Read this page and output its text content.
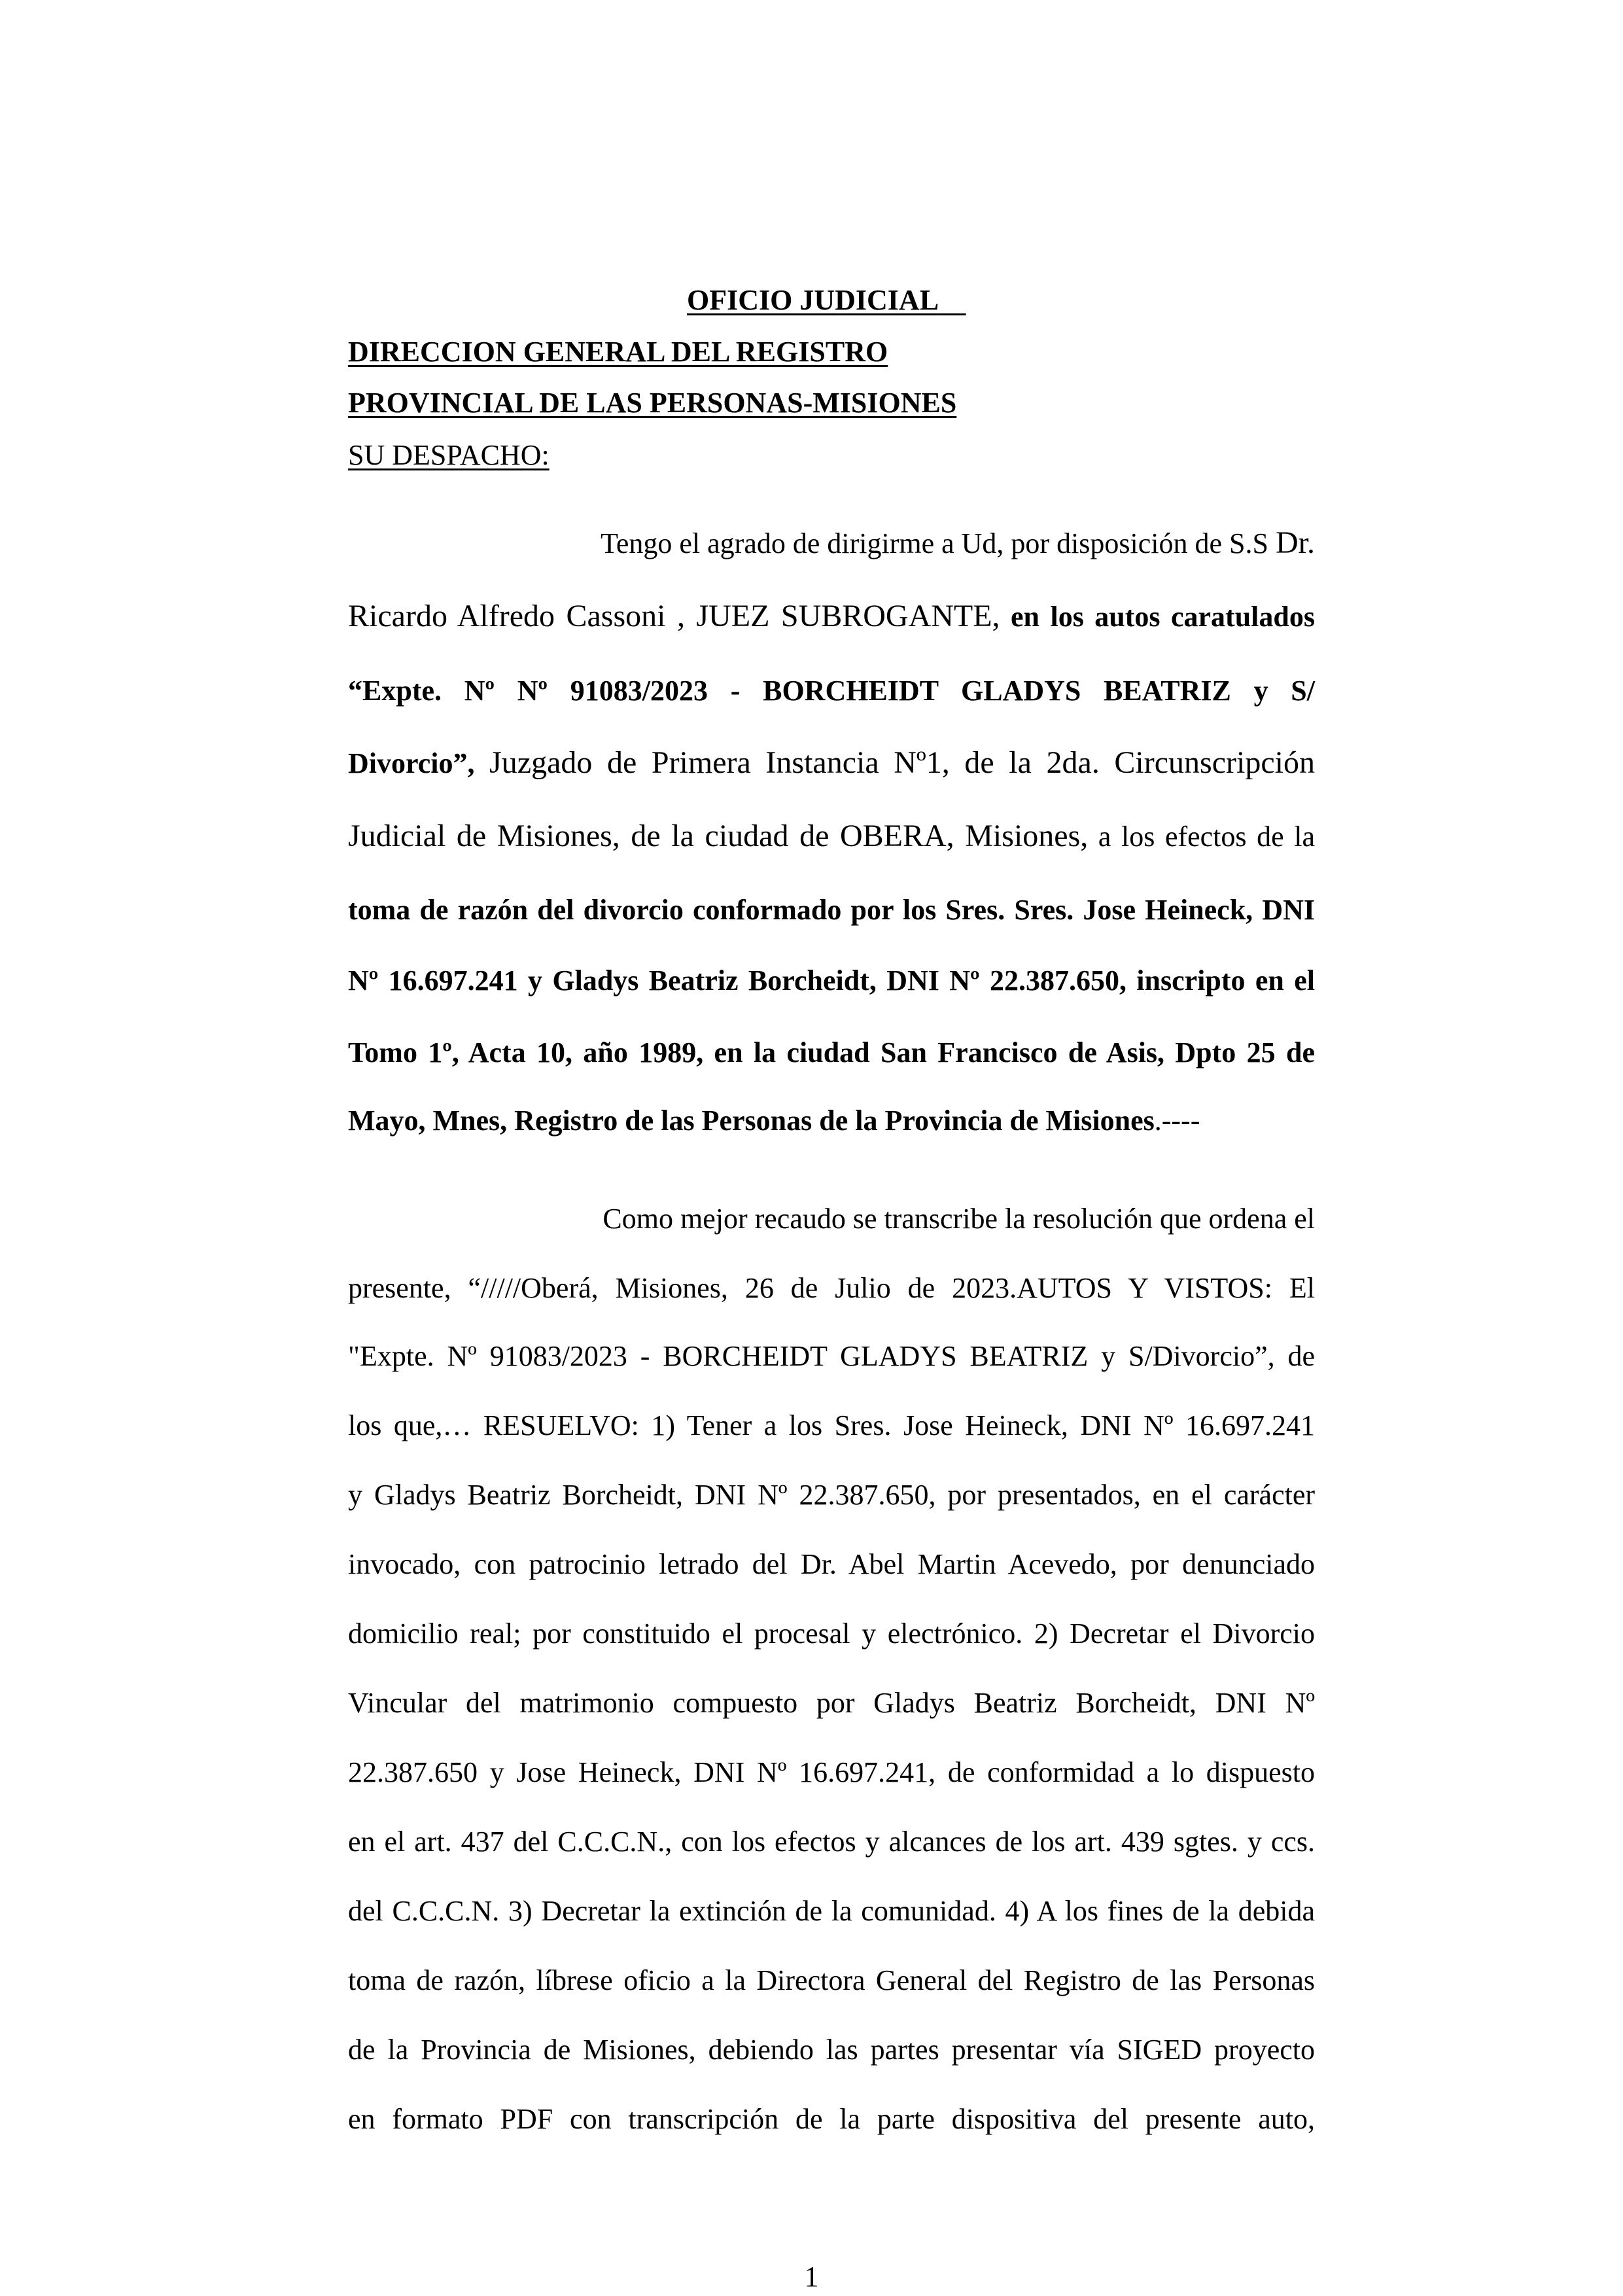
OFICIO JUDICIAL
DIRECCION GENERAL DEL REGISTRO
PROVINCIAL DE LAS PERSONAS-MISIONES
SU DESPACHO:
Tengo el agrado de dirigirme a Ud, por disposición de S.S Dr.
Ricardo Alfredo Cassoni , JUEZ SUBROGANTE, en los autos caratulados
“Expte. Nº Nº 91083/2023 - BORCHEIDT GLADYS BEATRIZ y S/
Divorcio”, Juzgado de Primera Instancia Nº1, de la 2da. Circunscripción
Judicial de Misiones, de la ciudad de OBERA, Misiones, a los efectos de la
toma de razón del divorcio conformado por los Sres. Sres. Jose Heineck, DNI
Nº 16.697.241 y Gladys Beatriz Borcheidt, DNI Nº 22.387.650, inscripto en el
Tomo 1º, Acta 10, año 1989, en la ciudad San Francisco de Asis, Dpto 25 de
Mayo, Mnes, Registro de las Personas de la Provincia de Misiones.----
Como mejor recaudo se transcribe la resolución que ordena el
presente, “/////Oberá, Misiones, 26 de Julio de 2023.AUTOS Y VISTOS: El
"Expte. Nº 91083/2023 - BORCHEIDT GLADYS BEATRIZ y S/Divorcio”, de
los que,… RESUELVO: 1) Tener a los Sres. Jose Heineck, DNI Nº 16.697.241
y Gladys Beatriz Borcheidt, DNI Nº 22.387.650, por presentados, en el carácter
invocado, con patrocinio letrado del Dr. Abel Martin Acevedo, por denunciado
domicilio real; por constituido el procesal y electrónico. 2) Decretar el Divorcio
Vincular del matrimonio compuesto por Gladys Beatriz Borcheidt, DNI Nº
22.387.650 y Jose Heineck, DNI Nº 16.697.241, de conformidad a lo dispuesto
en el art. 437 del C.C.C.N., con los efectos y alcances de los art. 439 sgtes. y ccs.
del C.C.C.N. 3) Decretar la extinción de la comunidad. 4) A los fines de la debida
toma de razón, líbrese oficio a la Directora General del Registro de las Personas
de la Provincia de Misiones, debiendo las partes presentar vía SIGED proyecto
en formato PDF con transcripción de la parte dispositiva del presente auto,
1
